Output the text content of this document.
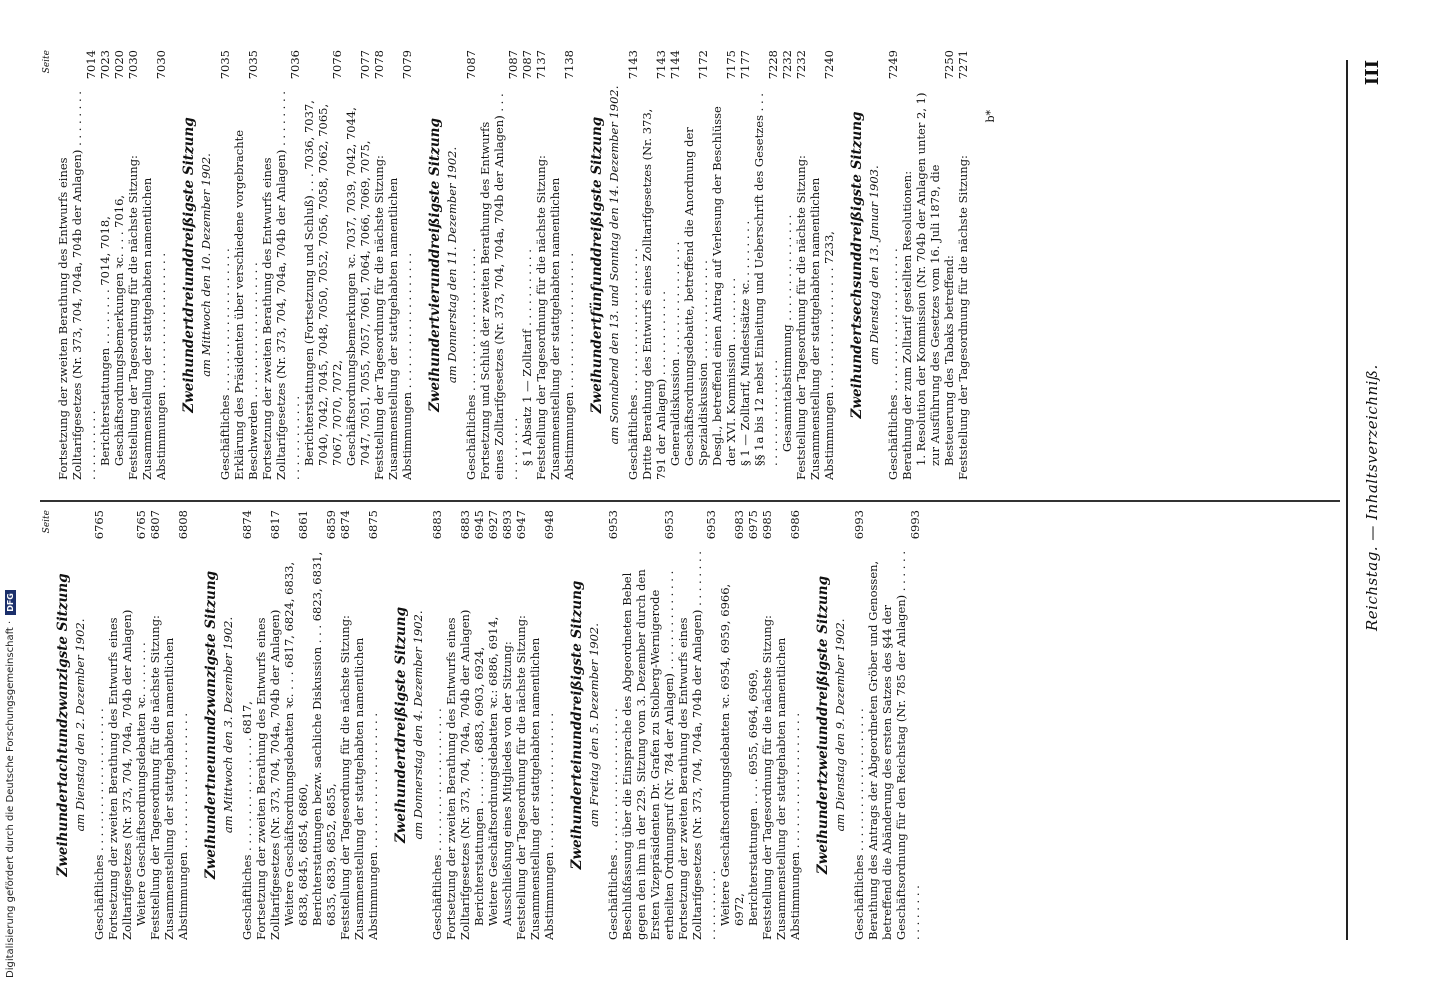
Digitalisierung gefördert durch die Deutsche Forschungsgemeinschaft ·
DFG
Seite
Zweihundertachtundzwanzigste Sitzung am Dienstag den 2. Dezember 1902. Geschäftliches . . . . . . . . . . . . . . . . . . . .
6765
Fortsetzung der zweiten Berathung des Entwurfs eines Zolltarifgesetzes (Nr. 373, 704, 704a, 704b der Anlagen) Weitere Geschäftsordnungsdebatten ꝛc. . . . . . . .
6765
Feststellung der Tagesordnung für die nächste Sitzung:
6807
Zusammenstellung der stattgehabten namentlichen Abstimmungen . . . . . . . . . . . . . . . . . . .
6808
Zweihundertneunundzwanzigste Sitzung am Mittwoch den 3. Dezember 1902. Geschäftliches . . . . . . . . . . . . . . . . 6817,
6874
Fortsetzung der zweiten Berathung des Entwurfs eines Zolltarifgesetzes (Nr. 373, 704, 704a, 704b der Anlagen)
6817
Weitere Geschäftsordnungsdebatten ꝛc. . . . 6817, 6824, 6833, 6838, 6845, 6854, 6860,
6861
Berichterstattungen bezw. sachliche Diskussion . . . 6823, 6831, 6835, 6839, 6852, 6855,
6859
Feststellung der Tagesordnung für die nächste Sitzung:
6874
Zusammenstellung der stattgehabten namentlichen Abstimmungen . . . . . . . . . . . . . . . . . . .
6875
Zweihundertdreißigste Sitzung am Donnerstag den 4. Dezember 1902. Geschäftliches . . . . . . . . . . . . . . . . . . . .
6883
Fortsetzung der zweiten Berathung des Entwurfs eines Zolltarifgesetzes (Nr. 373, 704, 704a, 704b der Anlagen)
6883
Berichterstattungen . . . . . . . 6883, 6903, 6924,
6945
Weitere Geschäftsordnungsdebatten ꝛc.: 6886, 6914,
6927
Ausschließung eines Mitgliedes von der Sitzung:
6893
Feststellung der Tagesordnung für die nächste Sitzung:
6947
Zusammenstellung der stattgehabten namentlichen Abstimmungen . . . . . . . . . . . . . . . . . . .
6948
Zweihunderteinunddreißigste Sitzung am Freitag den 5. Dezember 1902. Geschäftliches . . . . . . . . . . . . . . . . . . . .
6953
Beschlußfassung über die Einsprache des Abgeordneten Bebel gegen den ihm in der 229. Sitzung vom 3. Dezember durch den Ersten Vizepräsidenten Dr. Grafen zu Stolberg-Wernigerode ertheilten Ordnungsruf (Nr. 784 der Anlagen) . . . . . . . . . . . . . .
6953
Fortsetzung der zweiten Berathung des Entwurfs eines Zolltarifgesetzes (Nr. 373, 704, 704a, 704b der Anlagen) . . . . . . . . . . . . . . . . . .
6953
Weitere Geschäftsordnungsdebatten ꝛc. 6954, 6959, 6966, 6972,
6983
Berichterstattungen . . . . 6955, 6964, 6969,
6975
Feststellung der Tagesordnung für die nächste Sitzung:
6985
Zusammenstellung der stattgehabten namentlichen Abstimmungen . . . . . . . . . . . . . . . . . . .
6986
Zweihundertzweiunddreißigste Sitzung am Dienstag den 9. Dezember 1902. Geschäftliches . . . . . . . . . . . . . . . . . . . .
6993
Berathung des Antrags der Abgeordneten Gröber und Genossen, betreffend die Abänderung des ersten Satzes des §44 der Geschäftsordnung für den Reichstag (Nr. 785 der Anlagen) . . . . . . . . . . . . . .
6993
Seite
Fortsetzung der zweiten Berathung des Entwurfs eines Zolltarifgesetzes (Nr. 373, 704, 704a, 704b der Anlagen) . . . . . . . . . . . . . . . . . .
7014
Berichterstattungen . . . . . . . . 7014, 7018,
7023
Geschäftsordnungsbemerkungen ꝛc. . . . 7016,
7020
Feststellung der Tagesordnung für die nächste Sitzung:
7030
Zusammenstellung der stattgehabten namentlichen Abstimmungen . . . . . . . . . . . . . . . . . . .
7030
Zweihundertdreiunddreißigste Sitzung am Mittwoch den 10. Dezember 1902. Geschäftliches . . . . . . . . . . . . . . . . . . . .
7035
Erklärung des Präsidenten über verschiedene vorgebrachte Beschwerden . . . . . . . . . . . . . . . . . . .
7035
Fortsetzung der zweiten Berathung des Entwurfs eines Zolltarifgesetzes (Nr. 373, 704, 704a, 704b der Anlagen) . . . . . . . . . . . . . . . . . . . .
7036
Berichterstattungen (Fortsetzung und Schluß) . . . 7036, 7037, 7040, 7042, 7045, 7048, 7050, 7052, 7056, 7058, 7062, 7065, 7067, 7070, 7072,
7076
Geschäftsordnungsbemerkungen ꝛc. 7037, 7039, 7042, 7044, 7047, 7051, 7055, 7057, 7061, 7064, 7066, 7069, 7075,
7077
Feststellung der Tagesordnung für die nächste Sitzung:
7078
Zusammenstellung der stattgehabten namentlichen Abstimmungen . . . . . . . . . . . . . . . . . . .
7079
Zweihundertvierunddreißigste Sitzung am Donnerstag den 11. Dezember 1902. Geschäftliches . . . . . . . . . . . . . . . . . . . .
7087
Fortsetzung und Schluß der zweiten Berathung des Entwurfs eines Zolltarifgesetzes (Nr. 373, 704, 704a, 704b der Anlagen) . . . . . . . . . . . .
7087
§ 1 Absatz 1 — Zolltarif . . . . . . . . . . .
7087
Feststellung der Tagesordnung für die nächste Sitzung:
7137
Zusammenstellung der stattgehabten namentlichen Abstimmungen . . . . . . . . . . . . . . . . . . .
7138
Zweihundertfünfunddreißigste Sitzung am Sonnabend den 13. und Sonntag den 14. Dezember 1902. Geschäftliches . . . . . . . . . . . . . . . . . . . .
7143
Dritte Berathung des Entwurfs eines Zolltarifgesetzes (Nr. 373, 791 der Anlagen) . . . . . . . . . . . .
7143
Generaldiskussion . . . . . . . . . . . . . . . .
7144
Geschäftsordnungsdebatte, betreffend die Anordnung der Spezialdiskussion . . . . . . . . . . . . . .
7172
Desgl., betreffend einen Antrag auf Verlesung der Beschlüsse der XVI. Kommission . . . . . . . . .
7175
§ 1 — Zolltarif, Mindestsätze ꝛc. . . . . . . . .
7177
§§ 1a bis 12 nebst Einleitung und Ueberschrift des Gesetzes . . . . . . . . . . . . . . . . . .
7228
Gesammtabstimmung . . . . . . . . . . . . . . .
7232
Feststellung der Tagesordnung für die nächste Sitzung:
7232
Zusammenstellung der stattgehabten namentlichen Abstimmungen . . . . . . . . . . . . . . . . . 7233,
7240
Zweihundertsechsunddreißigste Sitzung am Dienstag den 13. Januar 1903. Geschäftliches . . . . . . . . . . . . . . . . . . . .
7249
Berathung der zum Zolltarif gestellten Resolutionen: 1. Resolution der Kommission (Nr. 704b der Anlagen unter 2, 1) zur Ausführung des Gesetzes vom 16. Juli 1879, die Besteuerung des Tabaks betreffend:
7250
Feststellung der Tagesordnung für die nächste Sitzung:
7271
b*
Reichstag. — Inhaltsverzeichniß.
III
